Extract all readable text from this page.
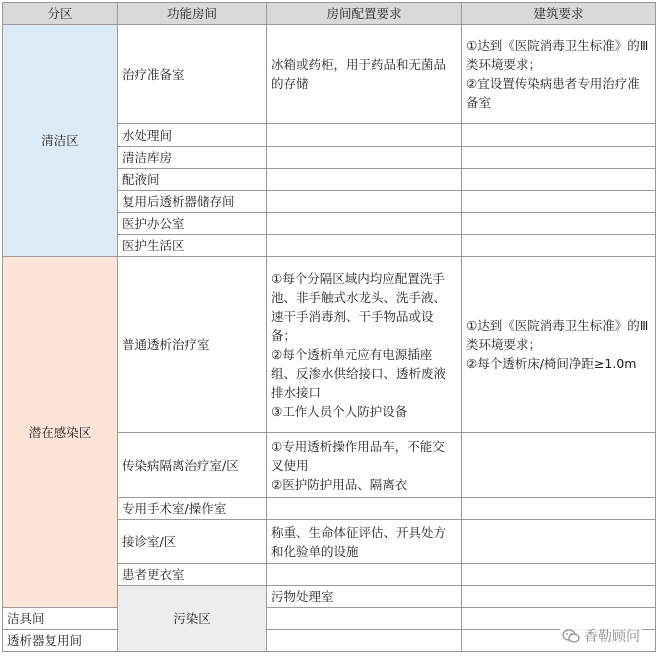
分区	功能房间	房间配置要求	建筑要求	
清洁区	治疗准备室	冰箱或药柜，用于药品和无菌品的存储	①达到《医院消毒卫生标准》的Ⅲ类环境要求；
②宜设置传染病患者专用治疗准备室	

	水处理间			
	清洁库房			
	配液间			
	复用后透析器储存间			
	医护办公室			
	医护生活区			
潜在感染区	普通透析治疗室	①每个分隔区域内均应配置洗手池、非手触式水龙头、洗手液、速干手消毒剂、干手物品或设备；
②每个透析单元应有电源插座组、反渗水供给接口、透析废液排水接口
③工作人员个人防护设备	①达到《医院消毒卫生标准》的Ⅲ类环境要求；
②每个透析床/椅间净距≥1.0m	

	传染病隔离治疗室/区	①专用透析操作用品车，不能交叉使用
②医护防护用品、隔离衣		

	专用手术室/操作室			
	接诊室/区	称重、生命体征评估、开具处方和化验单的设施		
	患者更衣室			
	污染区	污物处理室		
洁具间				
透析器复用间					香勒顾问
